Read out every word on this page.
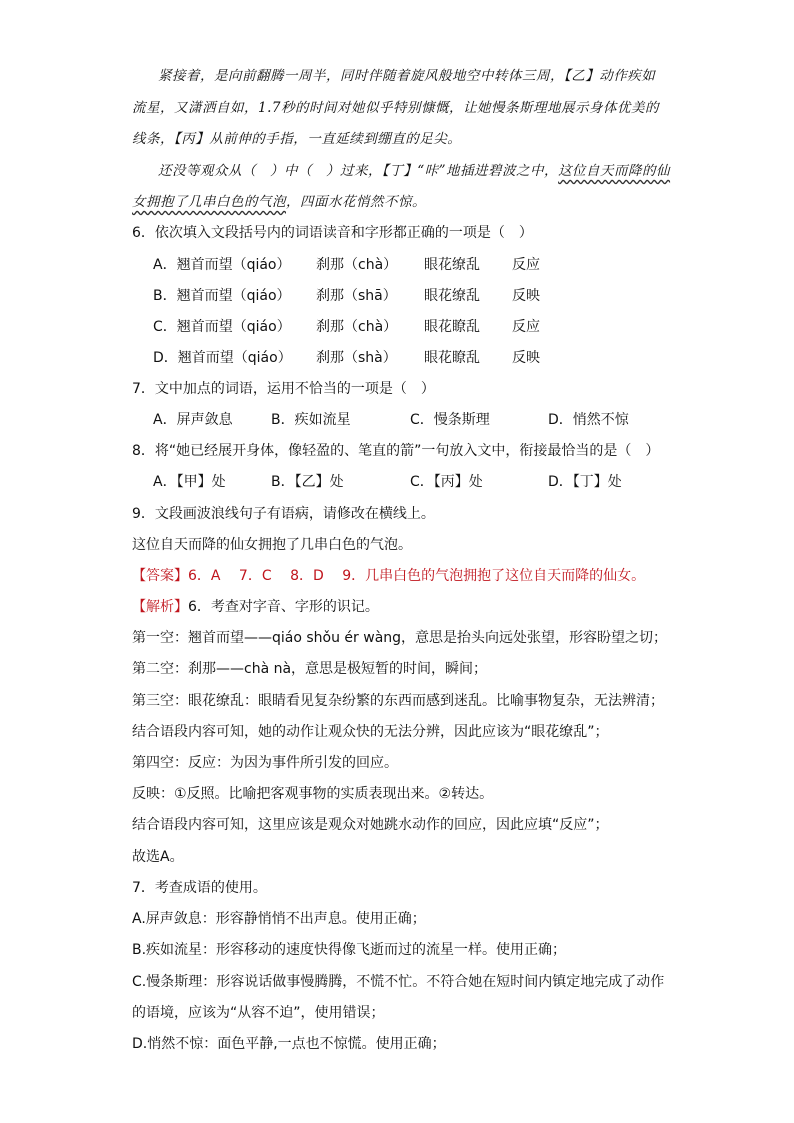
紧接着，是向前翻腾一周半，同时伴随着旋风般地空中转体三周，【乙】动作疾如
流星，又潇洒自如，1.7秒的时间对她似乎特别慷慨，让她慢条斯理地展示身体优美的
线条，【丙】从前伸的手指，一直延续到绷直的足尖。
还没等观众从（　）中（　）过来，【丁】“咔”地插进碧波之中，这位自天而降的仙
女拥抱了几串白色的气泡，四面水花悄然不惊。
6．依次填入文段括号内的词语读音和字形都正确的一项是（　）
A．翘首而望（qiáo） 刹那（chà） 眼花缭乱 反应
B．翘首而望（qiáo） 刹那（shā） 眼花缭乱 反映
C．翘首而望（qiáo） 刹那（chà） 眼花瞭乱 反应
D．翘首而望（qiáo） 刹那（shà） 眼花瞭乱 反映
7．文中加点的词语，运用不恰当的一项是（　）
A．屏声敛息	B．疾如流星	C．慢条斯理	D．悄然不惊
8．将“她已经展开身体，像轻盈的、笔直的箭”一句放入文中，衔接最恰当的是（　）
A．【甲】处	B．【乙】处	C．【丙】处	D．【丁】处
9．文段画波浪线句子有语病，请修改在横线上。
这位自天而降的仙女拥抱了几串白色的气泡。
【答案】6．A　 7．C　 8．D　 9．几串白色的气泡拥抱了这位自天而降的仙女。
【解析】6．考查对字音、字形的识记。
第一空：翘首而望——qiáo shǒu ér wàng，意思是抬头向远处张望，形容盼望之切；
第二空：刹那——chà nà，意思是极短暂的时间，瞬间；
第三空：眼花缭乱：眼睛看见复杂纷繁的东西而感到迷乱。比喻事物复杂，无法辨清；
结合语段内容可知，她的动作让观众快的无法分辨，因此应该为“眼花缭乱”；
第四空：反应：为因为事件所引发的回应。
反映：①反照。比喻把客观事物的实质表现出来。②转达。
结合语段内容可知，这里应该是观众对她跳水动作的回应，因此应填“反应”；
故选A。
7．考查成语的使用。
A.屏声敛息：形容静悄悄不出声息。使用正确；
B.疾如流星：形容移动的速度快得像飞逝而过的流星一样。使用正确；
C.慢条斯理：形容说话做事慢腾腾，不慌不忙。不符合她在短时间内镇定地完成了动作
的语境，应该为“从容不迫”，使用错误；
D.悄然不惊：面色平静,一点也不惊慌。使用正确；
